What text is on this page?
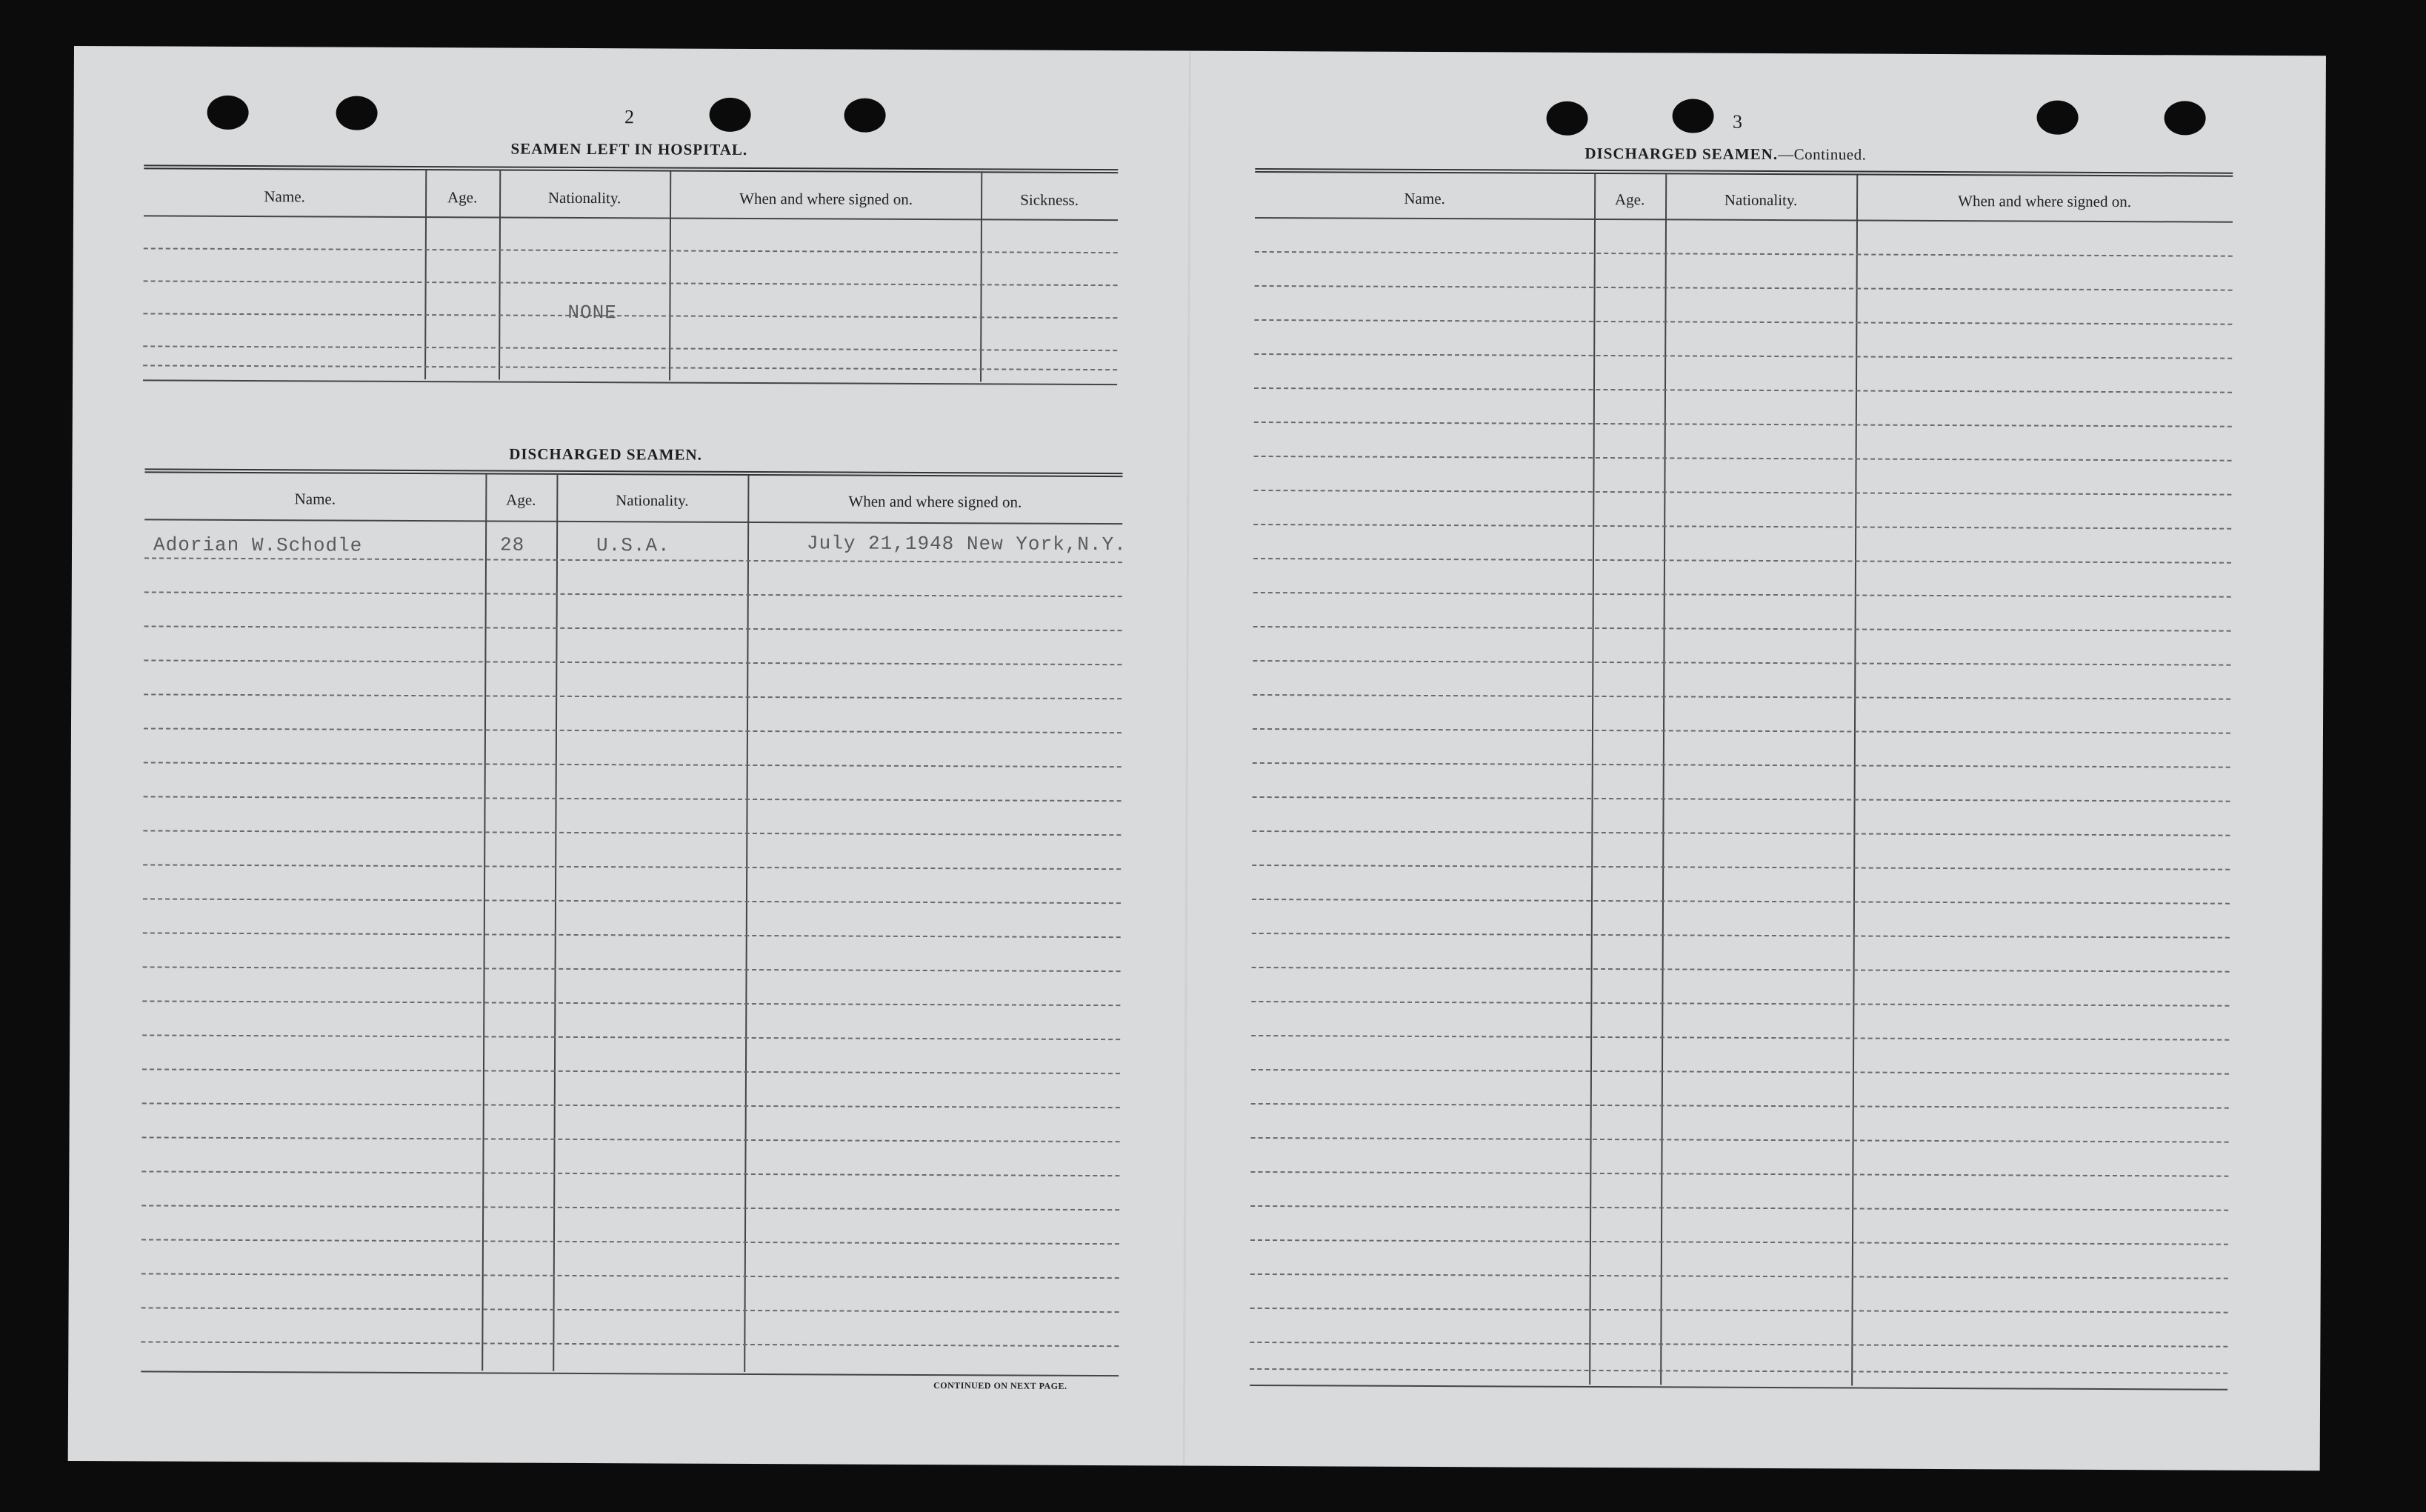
2
SEAMEN LEFT IN HOSPITAL.
Name.	Age.	Nationality.	When and where signed on.	Sickness.
NONE
DISCHARGED SEAMEN.
Name.	Age.	Nationality.	When and where signed on.
Adorian W.Schodle	28	U.S.A.	July 21,1948 New York,N.Y.
CONTINUED ON NEXT PAGE.
3
DISCHARGED SEAMEN.—Continued.
Name.	Age.	Nationality.	When and where signed on.
